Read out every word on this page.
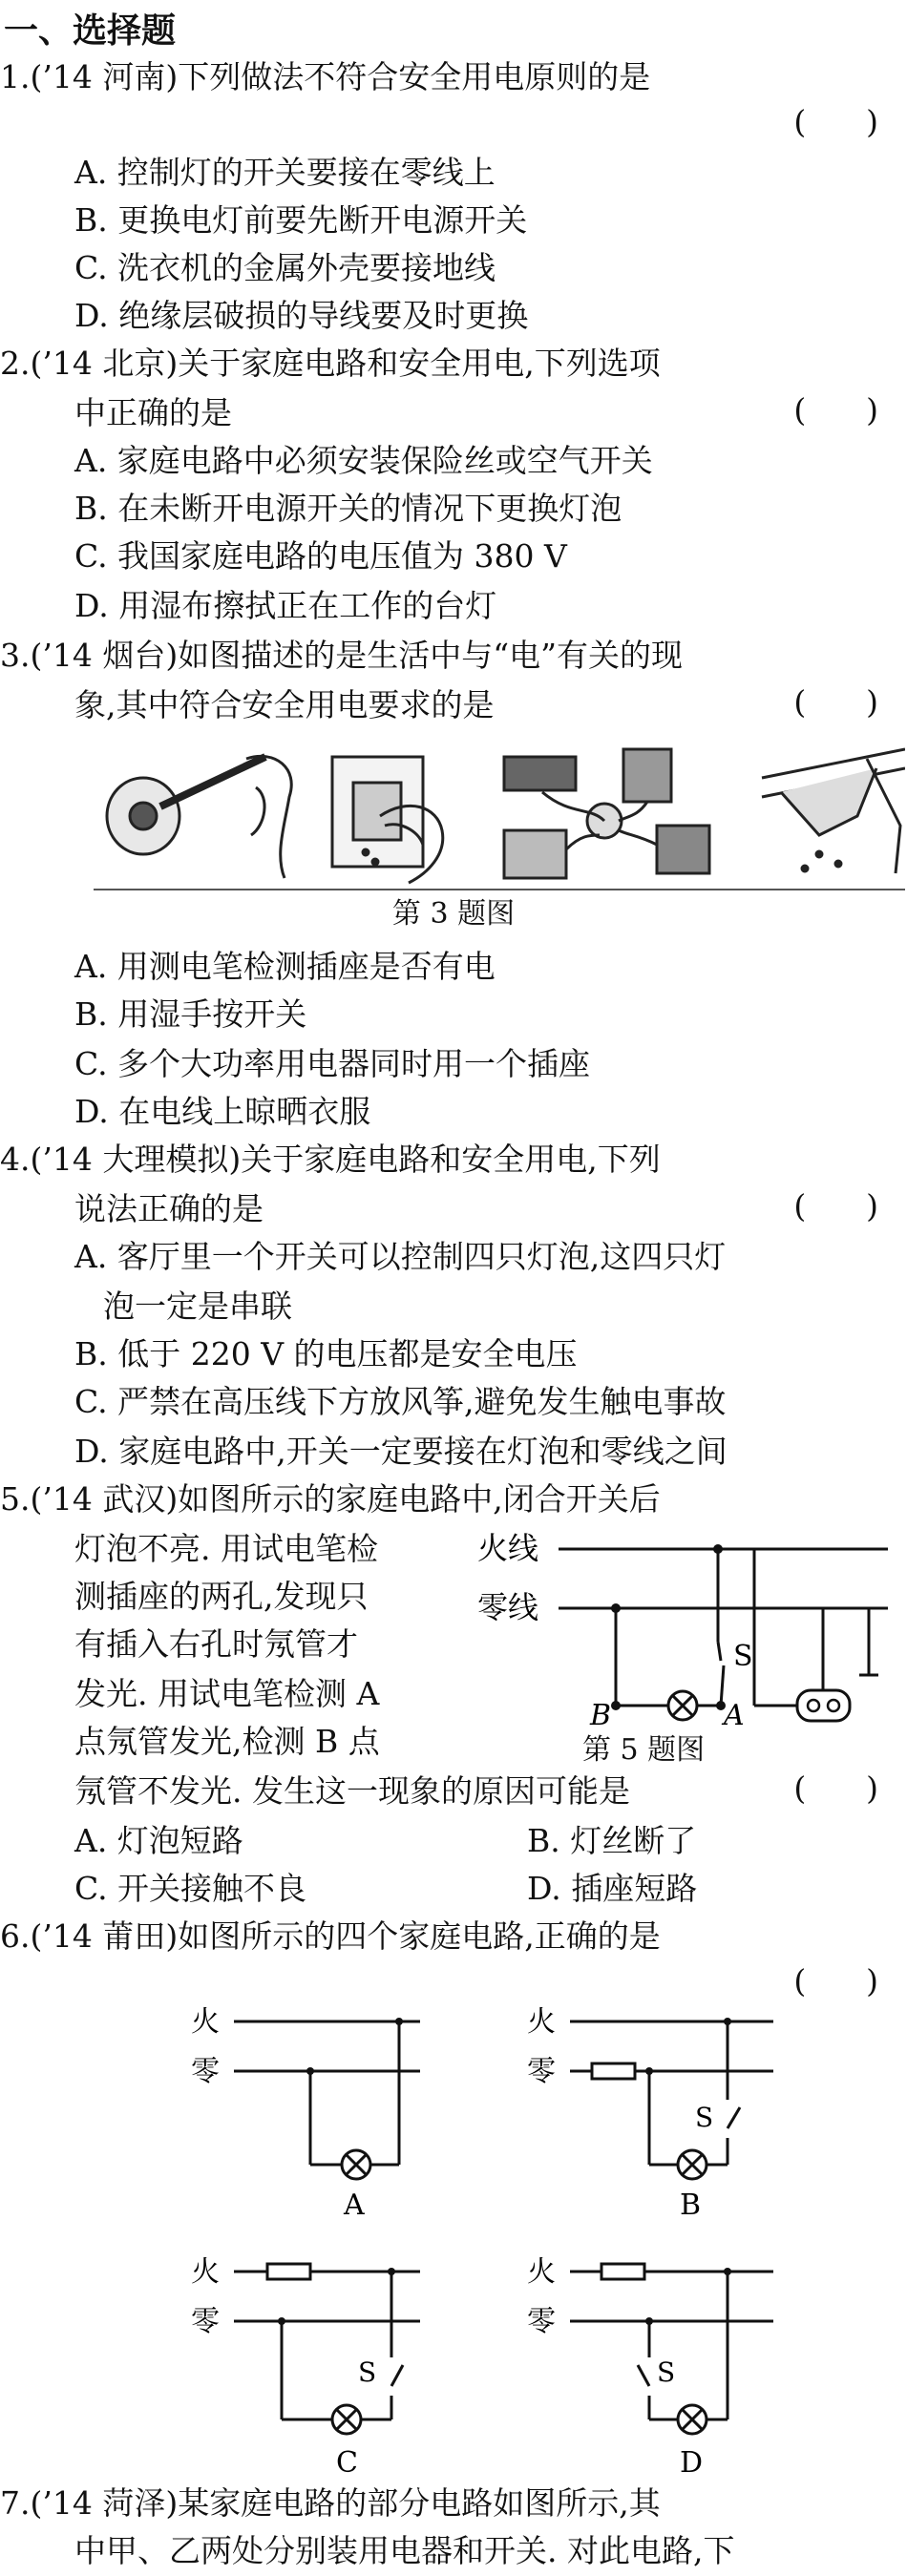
一、选择题
1.(’14 河南)下列做法不符合安全用电原则的是
(      )
A. 控制灯的开关要接在零线上
B. 更换电灯前要先断开电源开关
C. 洗衣机的金属外壳要接地线
D. 绝缘层破损的导线要及时更换
2.(’14 北京)关于家庭电路和安全用电,下列选项
中正确的是	(      )
A. 家庭电路中必须安装保险丝或空气开关
B. 在未断开电源开关的情况下更换灯泡
C. 我国家庭电路的电压值为 380 V
D. 用湿布擦拭正在工作的台灯
3.(’14 烟台)如图描述的是生活中与“电”有关的现
象,其中符合安全用电要求的是	(      )
第 3 题图
A. 用测电笔检测插座是否有电
B. 用湿手按开关
C. 多个大功率用电器同时用一个插座
D. 在电线上晾晒衣服
4.(’14 大理模拟)关于家庭电路和安全用电,下列
说法正确的是	(      )
A. 客厅里一个开关可以控制四只灯泡,这四只灯
泡一定是串联
B. 低于 220 V 的电压都是安全电压
C. 严禁在高压线下方放风筝,避免发生触电事故
D. 家庭电路中,开关一定要接在灯泡和零线之间
5.(’14 武汉)如图所示的家庭电路中,闭合开关后
灯泡不亮. 用试电笔检
测插座的两孔,发现只
有插入右孔时氖管才
发光. 用试电笔检测 A
点氖管发光,检测 B 点
氖管不发光. 发生这一现象的原因可能是	(      )
火线
零线
S
A
B
第 5 题图
A. 灯泡短路	B. 灯丝断了
C. 开关接触不良	D. 插座短路
6.(’14 莆田)如图所示的四个家庭电路,正确的是
(      )
火
零
A
火
零
S
B
火
零
S
C
火
零
S
D
7.(’14 菏泽)某家庭电路的部分电路如图所示,其
中甲、乙两处分别装用电器和开关. 对此电路,下
